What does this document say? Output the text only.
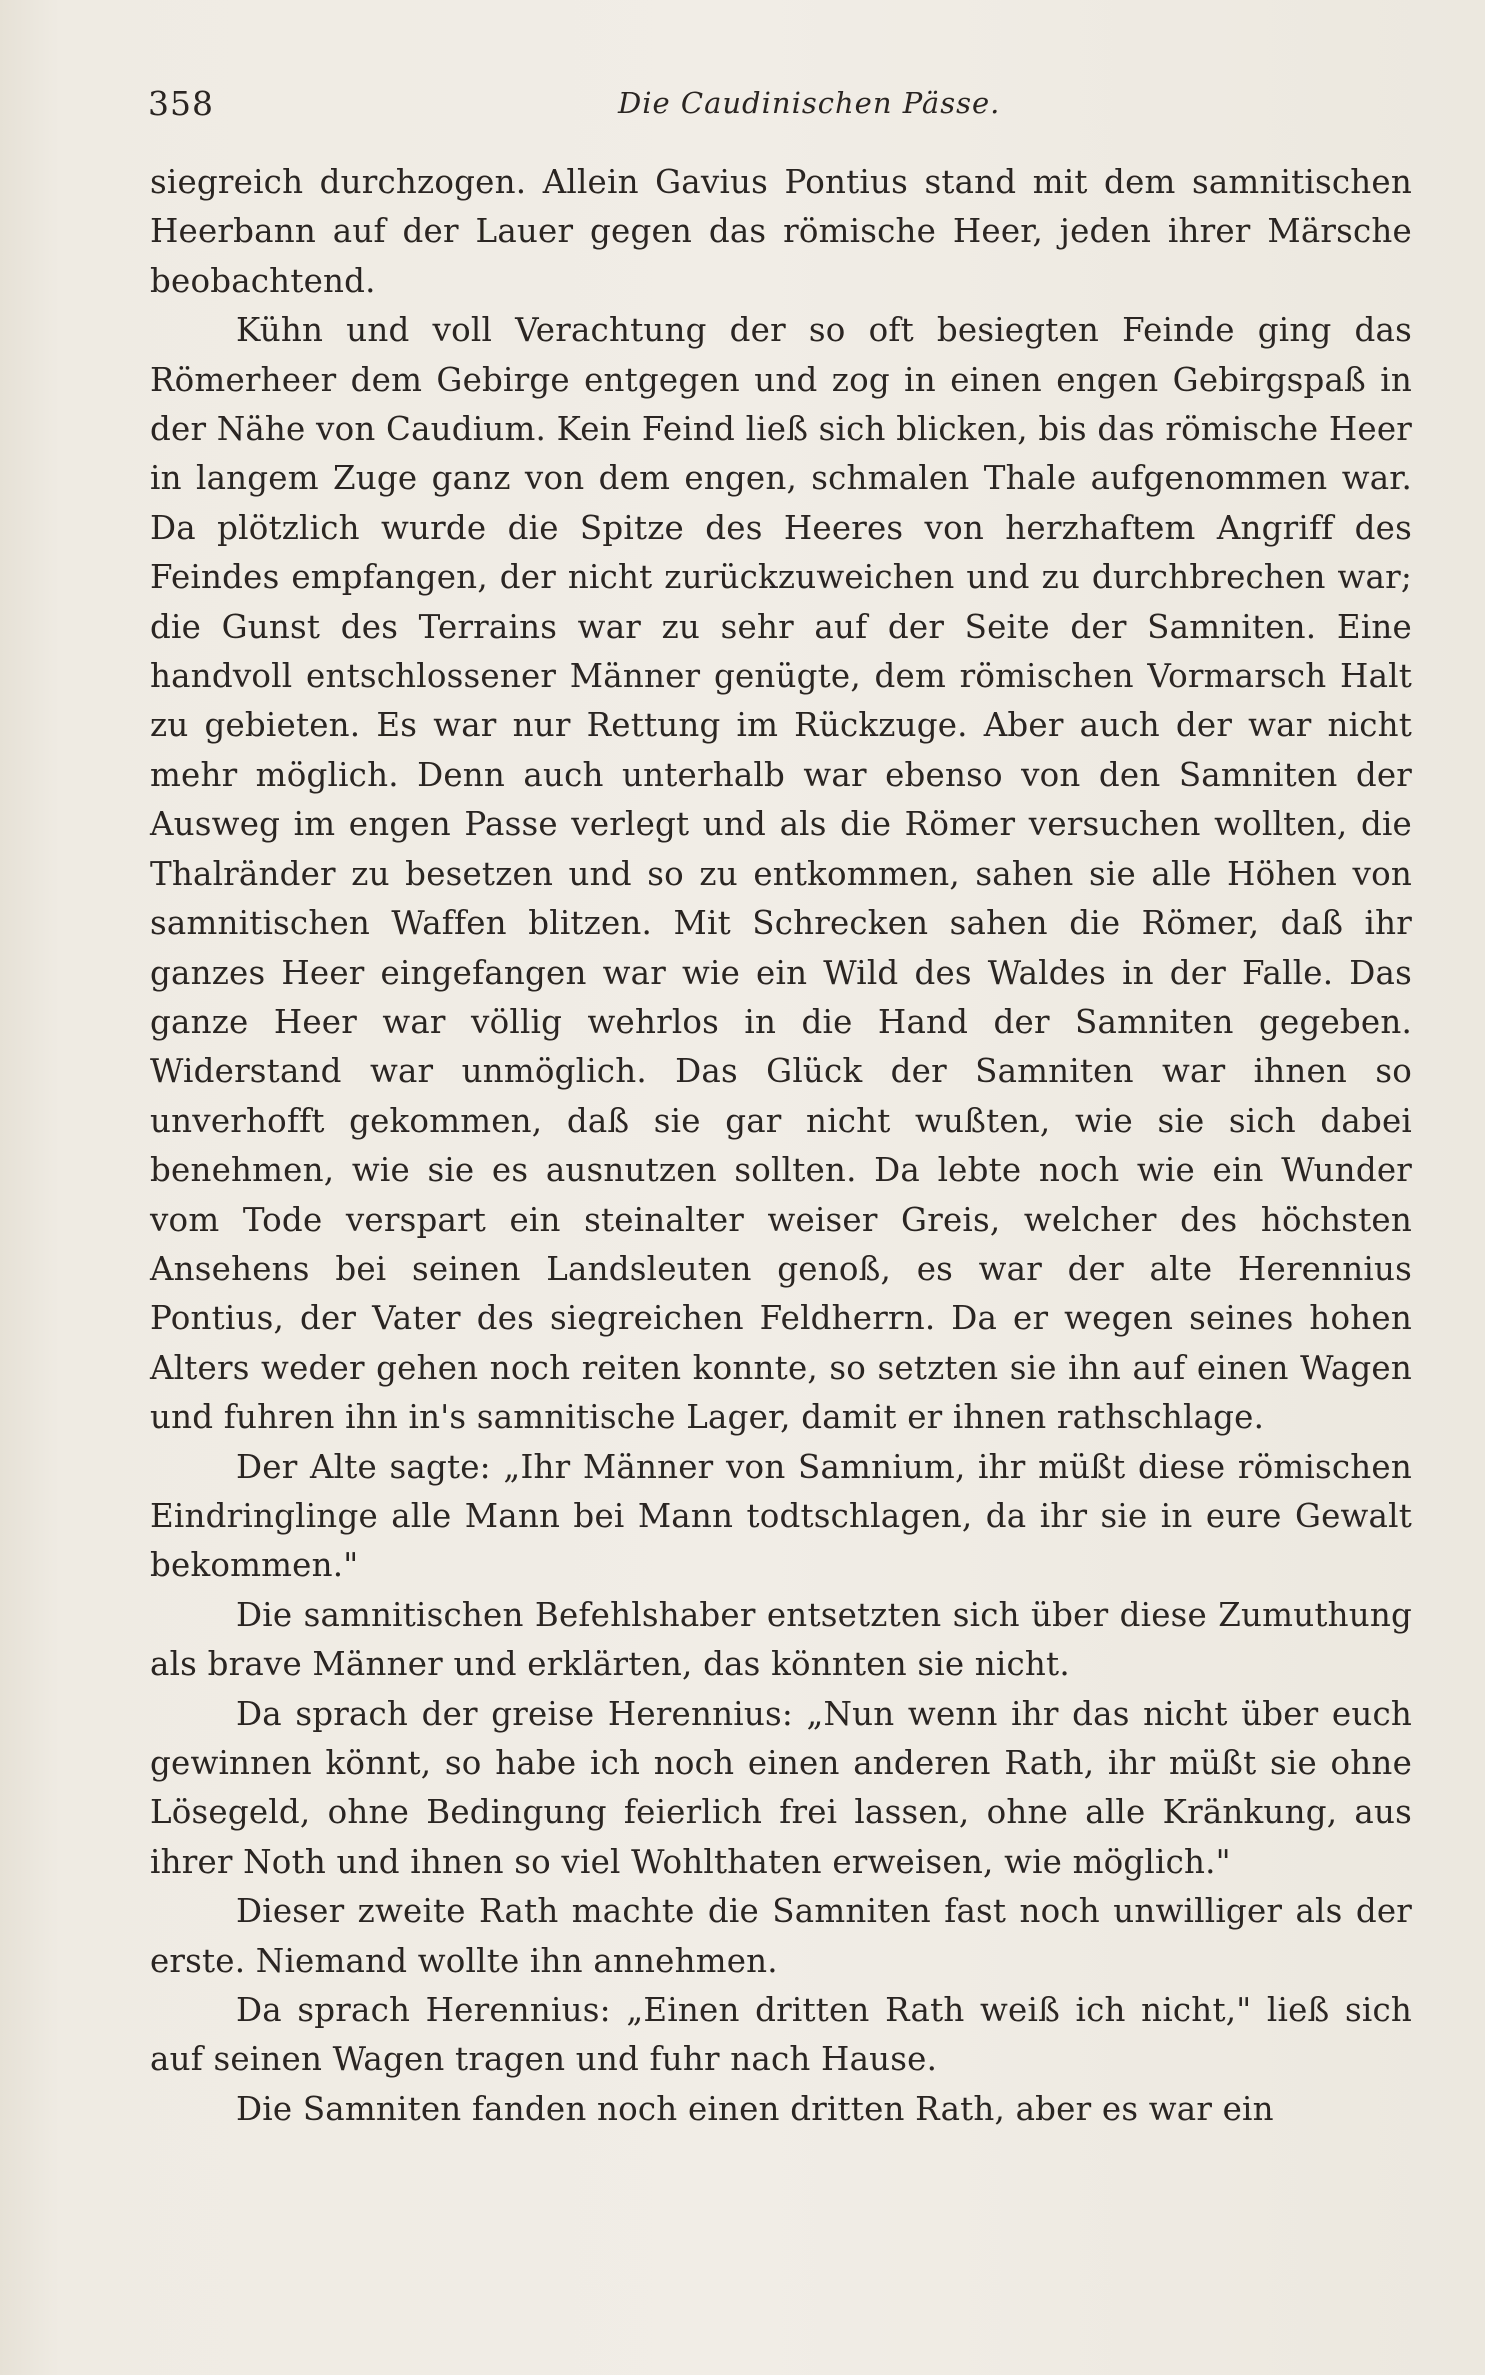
358	Die Caudinischen Pässe.

siegreich durchzogen. Allein Gavius Pontius stand mit dem samnitischen Heerbann auf der Lauer gegen das römische Heer, jeden ihrer Märsche beobachtend.

Kühn und voll Verachtung der so oft besiegten Feinde ging das Römerheer dem Gebirge entgegen und zog in einen engen Gebirgspaß in der Nähe von Caudium. Kein Feind ließ sich blicken, bis das römische Heer in langem Zuge ganz von dem engen, schmalen Thale aufgenommen war. Da plötzlich wurde die Spitze des Heeres von herzhaftem Angriff des Feindes empfangen, der nicht zurückzuweichen und zu durchbrechen war; die Gunst des Terrains war zu sehr auf der Seite der Samniten. Eine handvoll entschlossener Männer genügte, dem römischen Vormarsch Halt zu gebieten. Es war nur Rettung im Rückzuge. Aber auch der war nicht mehr möglich. Denn auch unterhalb war ebenso von den Samniten der Ausweg im engen Passe verlegt und als die Römer versuchen wollten, die Thalränder zu besetzen und so zu entkommen, sahen sie alle Höhen von samnitischen Waffen blitzen. Mit Schrecken sahen die Römer, daß ihr ganzes Heer eingefangen war wie ein Wild des Waldes in der Falle. Das ganze Heer war völlig wehrlos in die Hand der Samniten gegeben. Widerstand war unmöglich. Das Glück der Samniten war ihnen so unverhofft gekommen, daß sie gar nicht wußten, wie sie sich dabei benehmen, wie sie es ausnutzen sollten. Da lebte noch wie ein Wunder vom Tode verspart ein steinalter weiser Greis, welcher des höchsten Ansehens bei seinen Landsleuten genoß, es war der alte Herennius Pontius, der Vater des siegreichen Feldherrn. Da er wegen seines hohen Alters weder gehen noch reiten konnte, so setzten sie ihn auf einen Wagen und fuhren ihn in's samnitische Lager, damit er ihnen rathschlage.

Der Alte sagte: „Ihr Männer von Samnium, ihr müßt diese römischen Eindringlinge alle Mann bei Mann todtschlagen, da ihr sie in eure Gewalt bekommen."

Die samnitischen Befehlshaber entsetzten sich über diese Zumuthung als brave Männer und erklärten, das könnten sie nicht.

Da sprach der greise Herennius: „Nun wenn ihr das nicht über euch gewinnen könnt, so habe ich noch einen anderen Rath, ihr müßt sie ohne Lösegeld, ohne Bedingung feierlich frei lassen, ohne alle Kränkung, aus ihrer Noth und ihnen so viel Wohlthaten erweisen, wie möglich."

Dieser zweite Rath machte die Samniten fast noch unwilliger als der erste. Niemand wollte ihn annehmen.

Da sprach Herennius: „Einen dritten Rath weiß ich nicht," ließ sich auf seinen Wagen tragen und fuhr nach Hause.

Die Samniten fanden noch einen dritten Rath, aber es war ein
